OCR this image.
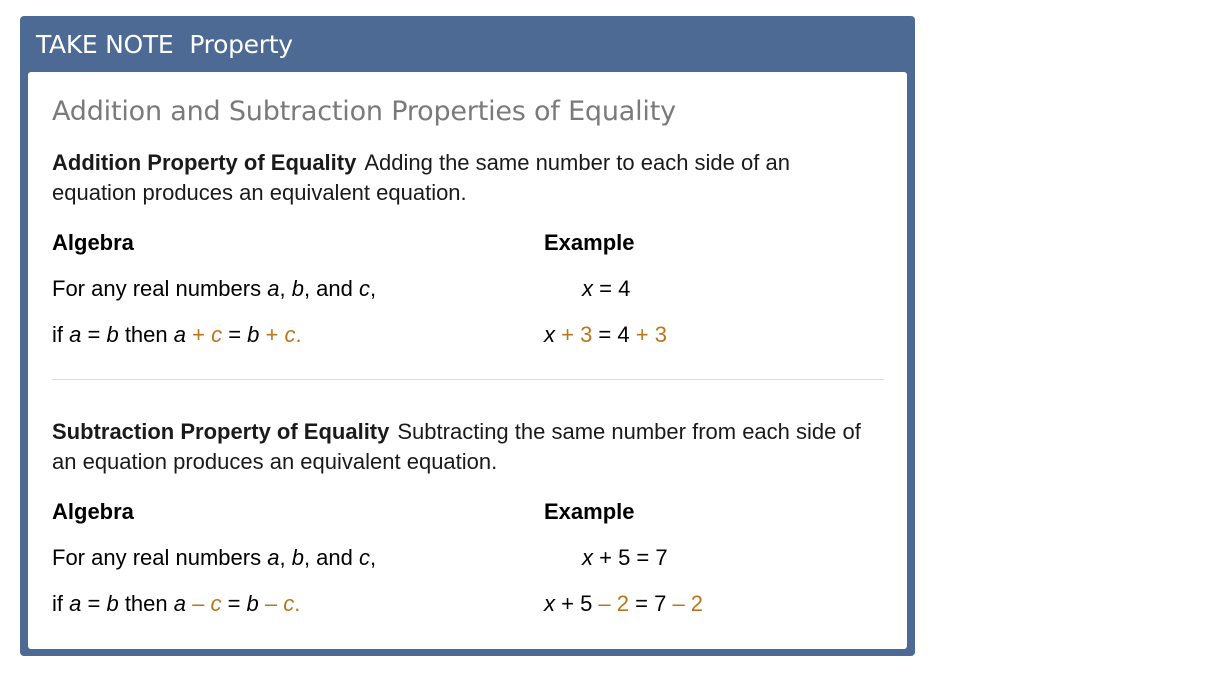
TAKE NOTE Property
Addition and Subtraction Properties of Equality
Addition Property of Equality Adding the same number to each side of an equation produces an equivalent equation.
Algebra	Example
For any real numbers a, b, and c,
if a = b then a + c = b + c.
x = 4
x + 3 = 4 + 3
Subtraction Property of Equality Subtracting the same number from each side of an equation produces an equivalent equation.
Algebra	Example
For any real numbers a, b, and c,
if a = b then a – c = b – c.
x + 5 = 7
x + 5 – 2 = 7 – 2
